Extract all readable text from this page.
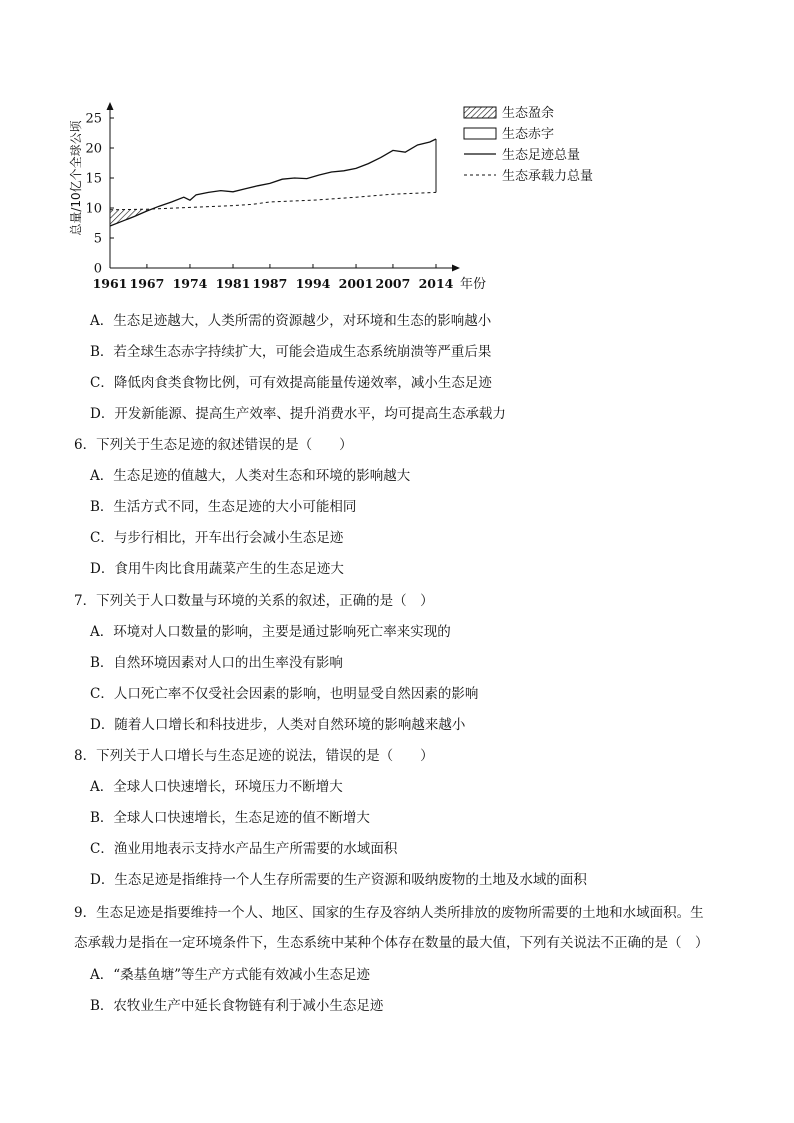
0
5
10
15
20
25
1961 1967 1974 1981 1987 1994 2001 2007 2014 年份
总量/10亿个全球公顷
生态盈余
生态赤字
生态足迹总量
生态承载力总量
A．生态足迹越大，人类所需的资源越少，对环境和生态的影响越小
B．若全球生态赤字持续扩大，可能会造成生态系统崩溃等严重后果
C．降低肉食类食物比例，可有效提高能量传递效率，减小生态足迹
D．开发新能源、提高生产效率、提升消费水平，均可提高生态承载力
6．下列关于生态足迹的叙述错误的是（　　）
A．生态足迹的值越大，人类对生态和环境的影响越大
B．生活方式不同，生态足迹的大小可能相同
C．与步行相比，开车出行会减小生态足迹
D．食用牛肉比食用蔬菜产生的生态足迹大
7．下列关于人口数量与环境的关系的叙述，正确的是（　）
A．环境对人口数量的影响，主要是通过影响死亡率来实现的
B．自然环境因素对人口的出生率没有影响
C．人口死亡率不仅受社会因素的影响，也明显受自然因素的影响
D．随着人口增长和科技进步，人类对自然环境的影响越来越小
8．下列关于人口增长与生态足迹的说法，错误的是（　　）
A．全球人口快速增长，环境压力不断增大
B．全球人口快速增长，生态足迹的值不断增大
C．渔业用地表示支持水产品生产所需要的水域面积
D．生态足迹是指维持一个人生存所需要的生产资源和吸纳废物的土地及水域的面积
9．生态足迹是指要维持一个人、地区、国家的生存及容纳人类所排放的废物所需要的土地和水域面积。生
态承载力是指在一定环境条件下，生态系统中某种个体存在数量的最大值，下列有关说法不正确的是（　）
A．“桑基鱼塘”等生产方式能有效减小生态足迹
B．农牧业生产中延长食物链有利于减小生态足迹
